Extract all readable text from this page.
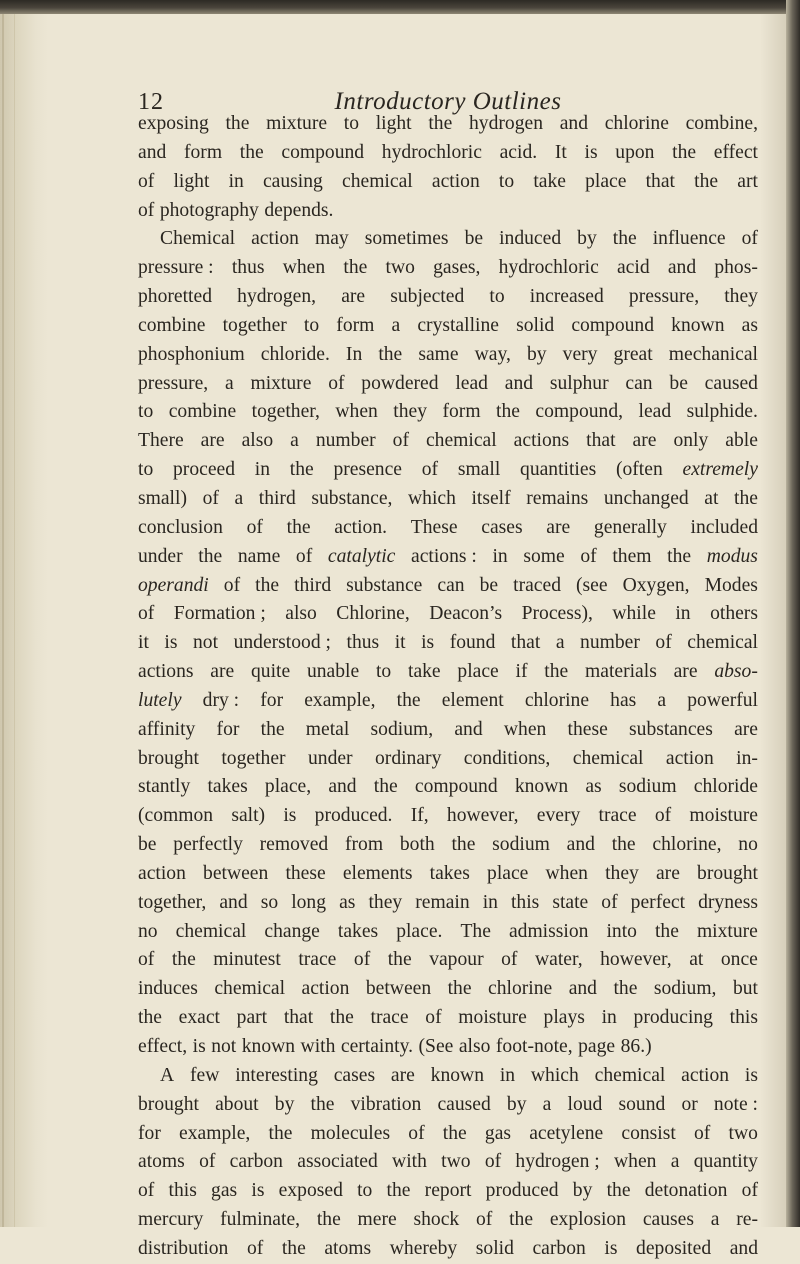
12	Introductory Outlines
exposing the mixture to light the hydrogen and chlorine combine,
and form the compound hydrochloric acid. It is upon the effect
of light in causing chemical action to take place that the art
of photography depends.
Chemical action may sometimes be induced by the influence of
pressure : thus when the two gases, hydrochloric acid and phos-
phoretted hydrogen, are subjected to increased pressure, they
combine together to form a crystalline solid compound known as
phosphonium chloride. In the same way, by very great mechanical
pressure, a mixture of powdered lead and sulphur can be caused
to combine together, when they form the compound, lead sulphide.
There are also a number of chemical actions that are only able
to proceed in the presence of small quantities (often extremely
small) of a third substance, which itself remains unchanged at the
conclusion of the action. These cases are generally included
under the name of catalytic actions : in some of them the modus
operandi of the third substance can be traced (see Oxygen, Modes
of Formation ; also Chlorine, Deacon’s Process), while in others
it is not understood ; thus it is found that a number of chemical
actions are quite unable to take place if the materials are abso-
lutely dry : for example, the element chlorine has a powerful
affinity for the metal sodium, and when these substances are
brought together under ordinary conditions, chemical action in-
stantly takes place, and the compound known as sodium chloride
(common salt) is produced. If, however, every trace of moisture
be perfectly removed from both the sodium and the chlorine, no
action between these elements takes place when they are brought
together, and so long as they remain in this state of perfect dryness
no chemical change takes place. The admission into the mixture
of the minutest trace of the vapour of water, however, at once
induces chemical action between the chlorine and the sodium, but
the exact part that the trace of moisture plays in producing this
effect, is not known with certainty. (See also foot-note, page 86.)
A few interesting cases are known in which chemical action is
brought about by the vibration caused by a loud sound or note :
for example, the molecules of the gas acetylene consist of two
atoms of carbon associated with two of hydrogen ; when a quantity
of this gas is exposed to the report produced by the detonation of
mercury fulminate, the mere shock of the explosion causes a re-
distribution of the atoms whereby solid carbon is deposited and
